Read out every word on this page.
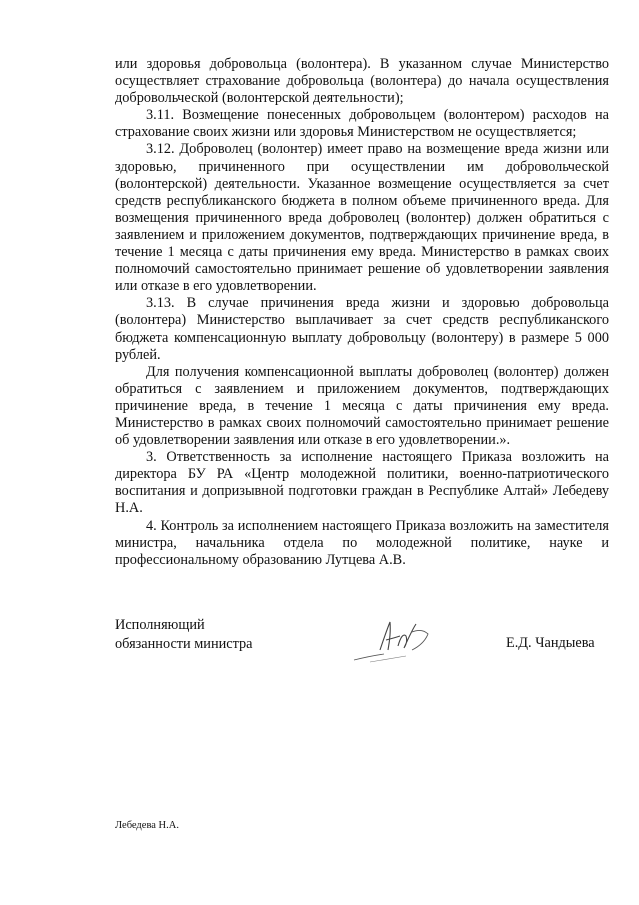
или здоровья добровольца (волонтера). В указанном случае Министерство осуществляет страхование добровольца (волонтера) до начала осуществления добровольческой (волонтерской деятельности);

3.11. Возмещение понесенных добровольцем (волонтером) расходов на страхование своих жизни или здоровья Министерством не осуществляется;

3.12. Доброволец (волонтер) имеет право на возмещение вреда жизни или здоровью, причиненного при осуществлении им добровольческой (волонтерской) деятельности. Указанное возмещение осуществляется за счет средств республиканского бюджета в полном объеме причиненного вреда. Для возмещения причиненного вреда доброволец (волонтер) должен обратиться с заявлением и приложением документов, подтверждающих причинение вреда, в течение 1 месяца с даты причинения ему вреда. Министерство в рамках своих полномочий самостоятельно принимает решение об удовлетворении заявления или отказе в его удовлетворении.

3.13. В случае причинения вреда жизни и здоровью добровольца (волонтера) Министерство выплачивает за счет средств республиканского бюджета компенсационную выплату добровольцу (волонтеру) в размере 5 000 рублей.

Для получения компенсационной выплаты доброволец (волонтер) должен обратиться с заявлением и приложением документов, подтверждающих причинение вреда, в течение 1 месяца с даты причинения ему вреда. Министерство в рамках своих полномочий самостоятельно принимает решение об удовлетворении заявления или отказе в его удовлетворении.».

3. Ответственность за исполнение настоящего Приказа возложить на директора БУ РА «Центр молодежной политики, военно-патриотического воспитания и допризывной подготовки граждан в Республике Алтай» Лебедеву Н.А.

4. Контроль за исполнением настоящего Приказа возложить на заместителя министра, начальника отдела по молодежной политике, науке и профессиональному образованию Лутцева А.В.

Исполняющий
обязанности министра	Е.Д. Чандыева
Лебедева Н.А.
